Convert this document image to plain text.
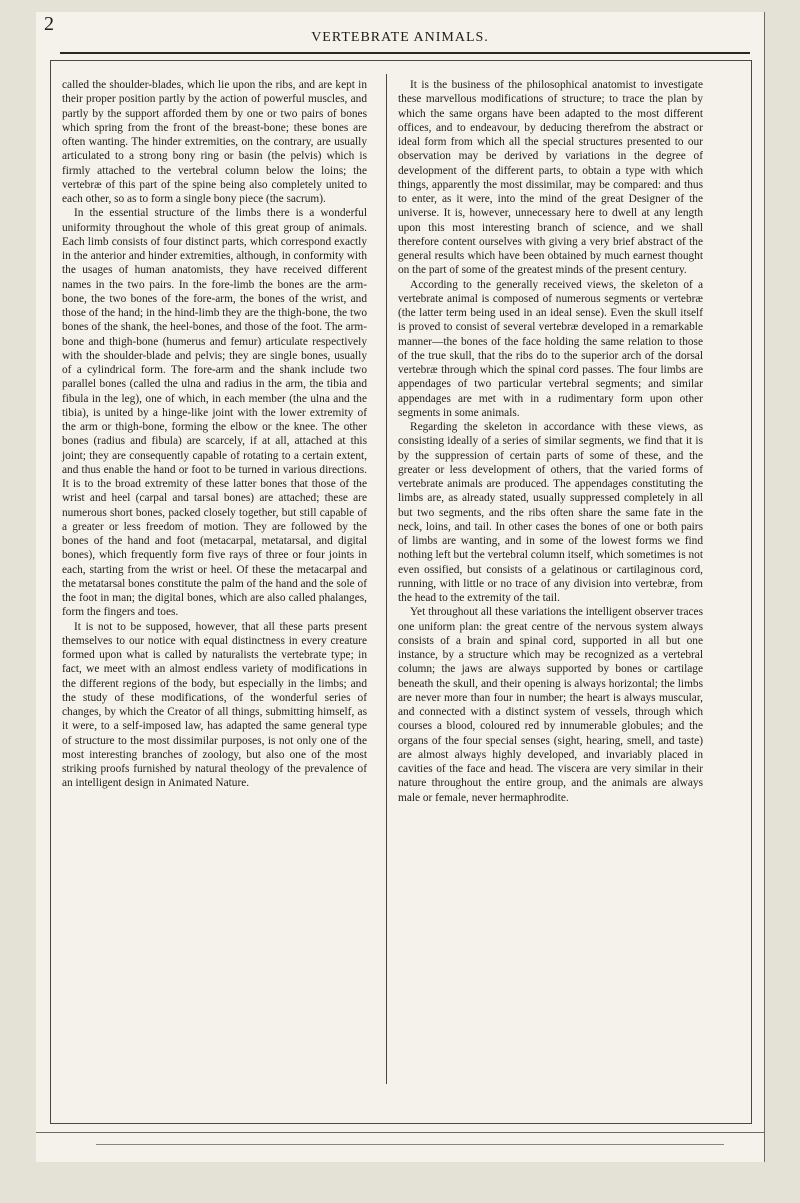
2
VERTEBRATE ANIMALS.

called the shoulder-blades, which lie upon the ribs, and are kept in their proper position partly by the action of powerful muscles, and partly by the support afforded them by one or two pairs of bones which spring from the front of the breast-bone; these bones are often wanting. The hinder extremities, on the contrary, are usually articulated to a strong bony ring or basin (the pelvis) which is firmly attached to the vertebral column below the loins; the vertebræ of this part of the spine being also completely united to each other, so as to form a single bony piece (the sacrum).

In the essential structure of the limbs there is a wonderful uniformity throughout the whole of this great group of animals. Each limb consists of four distinct parts, which correspond exactly in the anterior and hinder extremities, although, in conformity with the usages of human anatomists, they have received different names in the two pairs. In the fore-limb the bones are the arm-bone, the two bones of the fore-arm, the bones of the wrist, and those of the hand; in the hind-limb they are the thigh-bone, the two bones of the shank, the heel-bones, and those of the foot. The arm-bone and thigh-bone (humerus and femur) articulate respectively with the shoulder-blade and pelvis; they are single bones, usually of a cylindrical form. The fore-arm and the shank include two parallel bones (called the ulna and radius in the arm, the tibia and fibula in the leg), one of which, in each member (the ulna and the tibia), is united by a hinge-like joint with the lower extremity of the arm or thigh-bone, forming the elbow or the knee. The other bones (radius and fibula) are scarcely, if at all, attached at this joint; they are consequently capable of rotating to a certain extent, and thus enable the hand or foot to be turned in various directions. It is to the broad extremity of these latter bones that those of the wrist and heel (carpal and tarsal bones) are attached; these are numerous short bones, packed closely together, but still capable of a greater or less freedom of motion. They are followed by the bones of the hand and foot (metacarpal, metatarsal, and digital bones), which frequently form five rays of three or four joints in each, starting from the wrist or heel. Of these the metacarpal and the metatarsal bones constitute the palm of the hand and the sole of the foot in man; the digital bones, which are also called phalanges, form the fingers and toes.

It is not to be supposed, however, that all these parts present themselves to our notice with equal distinctness in every creature formed upon what is called by naturalists the vertebrate type; in fact, we meet with an almost endless variety of modifications in the different regions of the body, but especially in the limbs; and the study of these modifications, of the wonderful series of changes, by which the Creator of all things, submitting himself, as it were, to a self-imposed law, has adapted the same general type of structure to the most dissimilar purposes, is not only one of the most interesting branches of zoology, but also one of the most striking proofs furnished by natural theology of the prevalence of an intelligent design in Animated Nature.

It is the business of the philosophical anatomist to investigate these marvellous modifications of structure; to trace the plan by which the same organs have been adapted to the most different offices, and to endeavour, by deducing therefrom the abstract or ideal form from which all the special structures presented to our observation may be derived by variations in the degree of development of the different parts, to obtain a type with which things, apparently the most dissimilar, may be compared: and thus to enter, as it were, into the mind of the great Designer of the universe. It is, however, unnecessary here to dwell at any length upon this most interesting branch of science, and we shall therefore content ourselves with giving a very brief abstract of the general results which have been obtained by much earnest thought on the part of some of the greatest minds of the present century.

According to the generally received views, the skeleton of a vertebrate animal is composed of numerous segments or vertebræ (the latter term being used in an ideal sense). Even the skull itself is proved to consist of several vertebræ developed in a remarkable manner—the bones of the face holding the same relation to those of the true skull, that the ribs do to the superior arch of the dorsal vertebræ through which the spinal cord passes. The four limbs are appendages of two particular vertebral segments; and similar appendages are met with in a rudimentary form upon other segments in some animals.

Regarding the skeleton in accordance with these views, as consisting ideally of a series of similar segments, we find that it is by the suppression of certain parts of some of these, and the greater or less development of others, that the varied forms of vertebrate animals are produced. The appendages constituting the limbs are, as already stated, usually suppressed completely in all but two segments, and the ribs often share the same fate in the neck, loins, and tail. In other cases the bones of one or both pairs of limbs are wanting, and in some of the lowest forms we find nothing left but the vertebral column itself, which sometimes is not even ossified, but consists of a gelatinous or cartilaginous cord, running, with little or no trace of any division into vertebræ, from the head to the extremity of the tail.

Yet throughout all these variations the intelligent observer traces one uniform plan: the great centre of the nervous system always consists of a brain and spinal cord, supported in all but one instance, by a structure which may be recognized as a vertebral column; the jaws are always supported by bones or cartilage beneath the skull, and their opening is always horizontal; the limbs are never more than four in number; the heart is always muscular, and connected with a distinct system of vessels, through which courses a blood, coloured red by innumerable globules; and the organs of the four special senses (sight, hearing, smell, and taste) are almost always highly developed, and invariably placed in cavities of the face and head. The viscera are very similar in their nature throughout the entire group, and the animals are always male or female, never hermaphrodite.
